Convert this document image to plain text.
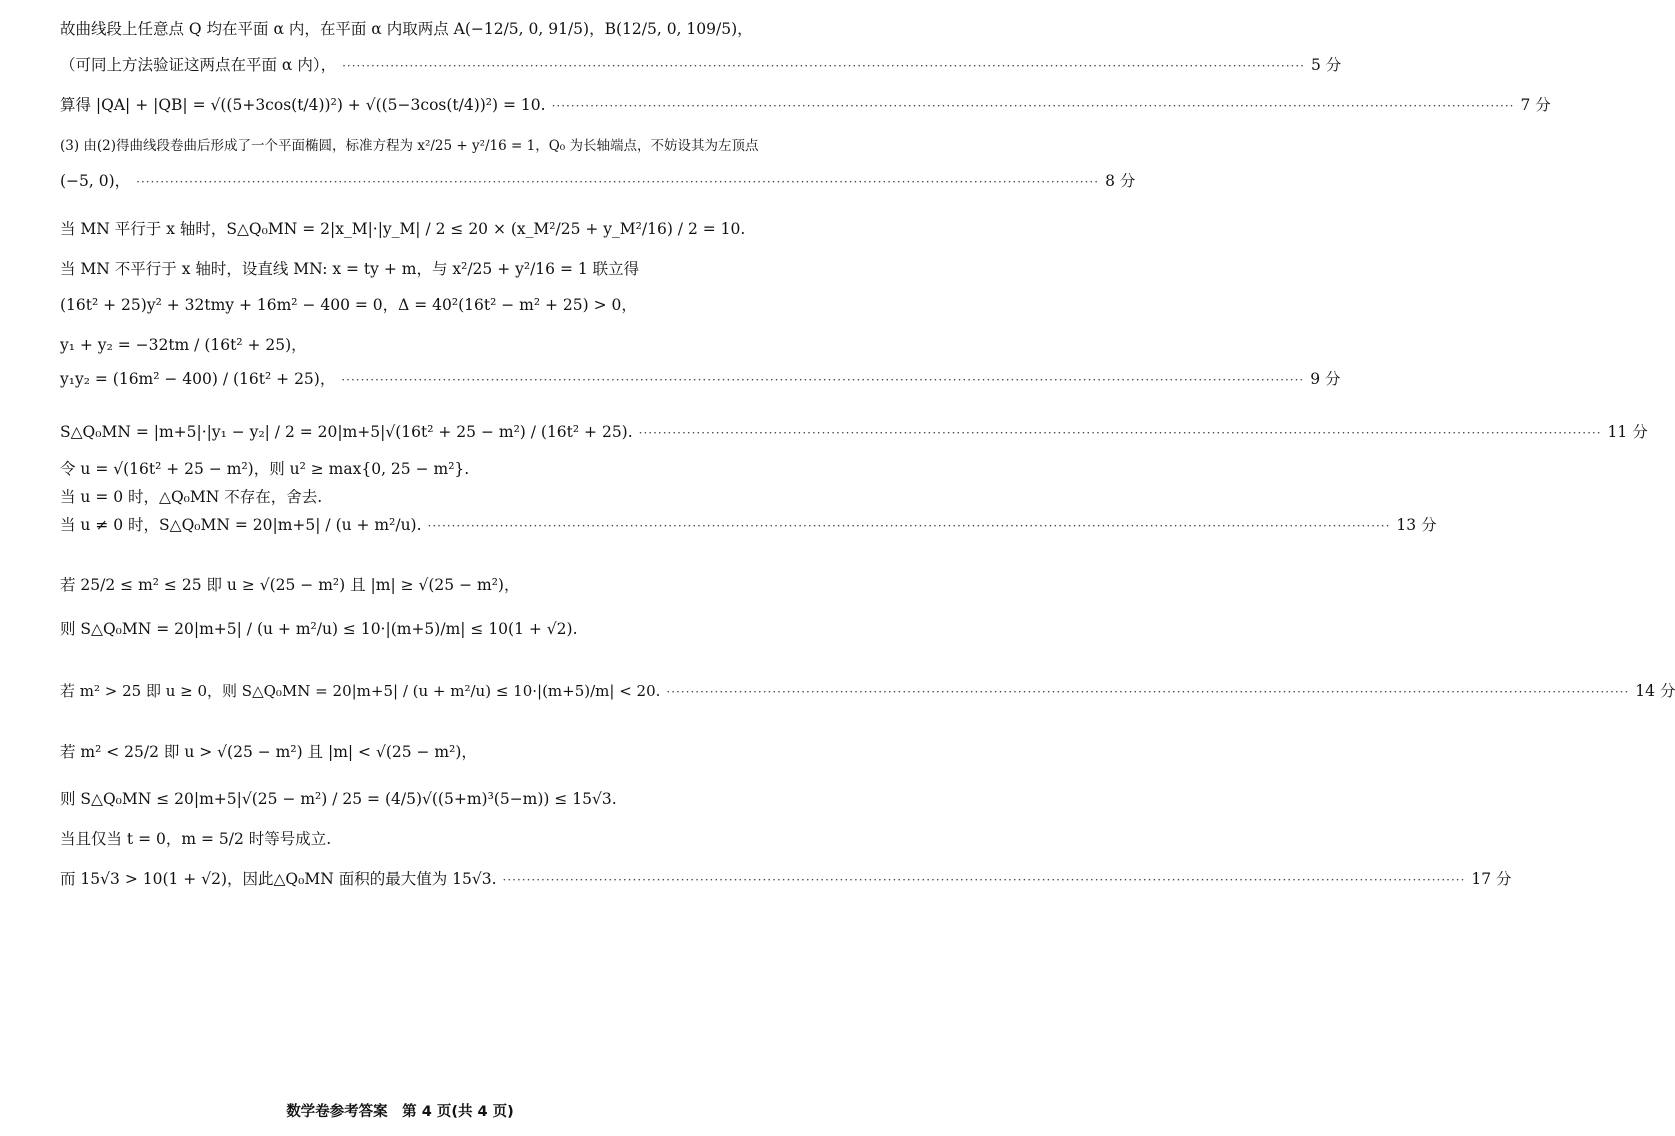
故曲线段上任意点 Q 均在平面 α 内，在平面 α 内取两点 A(−12/5, 0, 91/5)，B(12/5, 0, 109/5)，
（可同上方法验证这两点在平面 α 内）， ········································································································································································································ 5 分
算得 |QA| + |QB| = √((5+3cos(t/4))²) + √((5−3cos(t/4))²) = 10. ········································································································································································································ 7 分
(3) 由(2)得曲线段卷曲后形成了一个平面椭圆，标准方程为 x²/25 + y²/16 = 1，Q₀ 为长轴端点，不妨设其为左顶点
(−5, 0)， ········································································································································································································ 8 分
当 MN 平行于 x 轴时，S△Q₀MN = 2|x_M|·|y_M| / 2 ≤ 20 × (x_M²/25 + y_M²/16) / 2 = 10.
当 MN 不平行于 x 轴时，设直线 MN: x = ty + m，与 x²/25 + y²/16 = 1 联立得
(16t² + 25)y² + 32tmy + 16m² − 400 = 0，Δ = 40²(16t² − m² + 25) > 0，
y₁ + y₂ = −32tm / (16t² + 25)，
y₁y₂ = (16m² − 400) / (16t² + 25)， ········································································································································································································ 9 分
S△Q₀MN = |m+5|·|y₁ − y₂| / 2 = 20|m+5|√(16t² + 25 − m²) / (16t² + 25). ········································································································································································································ 11 分
令 u = √(16t² + 25 − m²)，则 u² ≥ max{0, 25 − m²}.
当 u = 0 时，△Q₀MN 不存在，舍去.
当 u ≠ 0 时，S△Q₀MN = 20|m+5| / (u + m²/u). ········································································································································································································ 13 分
若 25/2 ≤ m² ≤ 25 即 u ≥ √(25 − m²) 且 |m| ≥ √(25 − m²)，
则 S△Q₀MN = 20|m+5| / (u + m²/u) ≤ 10·|(m+5)/m| ≤ 10(1 + √2).
若 m² > 25 即 u ≥ 0，则 S△Q₀MN = 20|m+5| / (u + m²/u) ≤ 10·|(m+5)/m| < 20. ········································································································································································································ 14 分
若 m² < 25/2 即 u > √(25 − m²) 且 |m| < √(25 − m²)，
则 S△Q₀MN ≤ 20|m+5|√(25 − m²) / 25 = (4/5)√((5+m)³(5−m)) ≤ 15√3.
当且仅当 t = 0，m = 5/2 时等号成立.
而 15√3 > 10(1 + √2)，因此△Q₀MN 面积的最大值为 15√3. ········································································································································································································ 17 分
数学卷参考答案　第 4 页(共 4 页)
